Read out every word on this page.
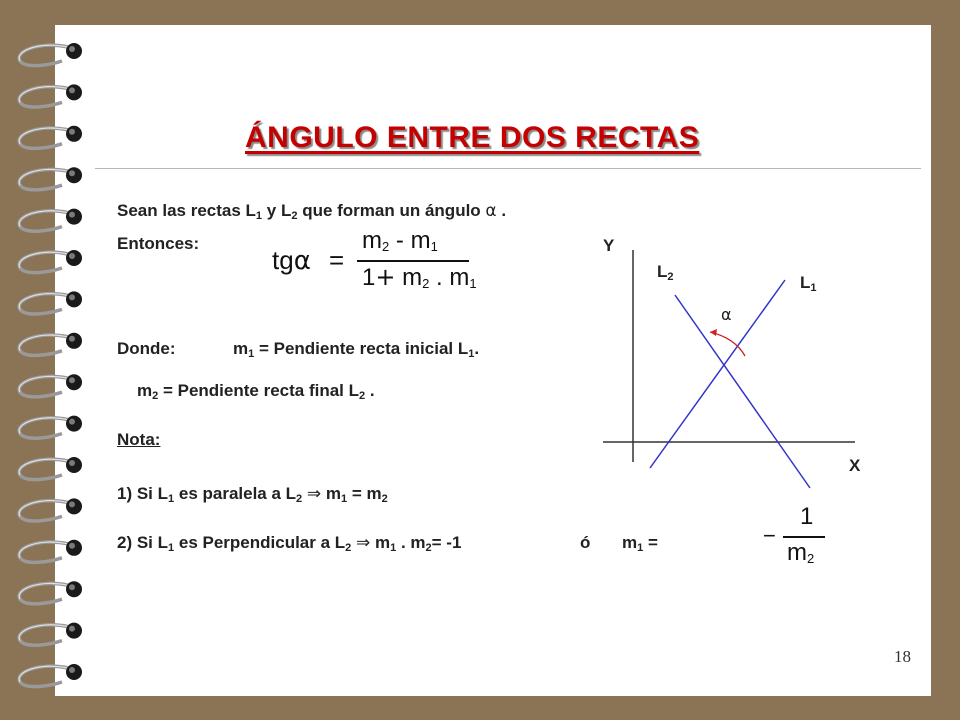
ÁNGULO ENTRE DOS RECTAS
Sean las rectas $L_1$ y $L_2$ que forman un ángulo α .
Entonces:
tgα =
$m_2 - m_1$
$1+ m_2$ . $m_1$
Donde:	$m_1$ = Pendiente recta inicial $L_1$.
$m_2$ = Pendiente recta final $L_2$ .
Nota:
1) Si $L_1$ es paralela a $L_2$ ⇒ $m_1 = m_2$
2) Si $L_1$ es Perpendicular a $L_2$ ⇒ $m_1$ . $m_2= -1$	ó $m_1$ =	−
1
$m_2$
Y
X
$L_2$	$L_1$
α
18
